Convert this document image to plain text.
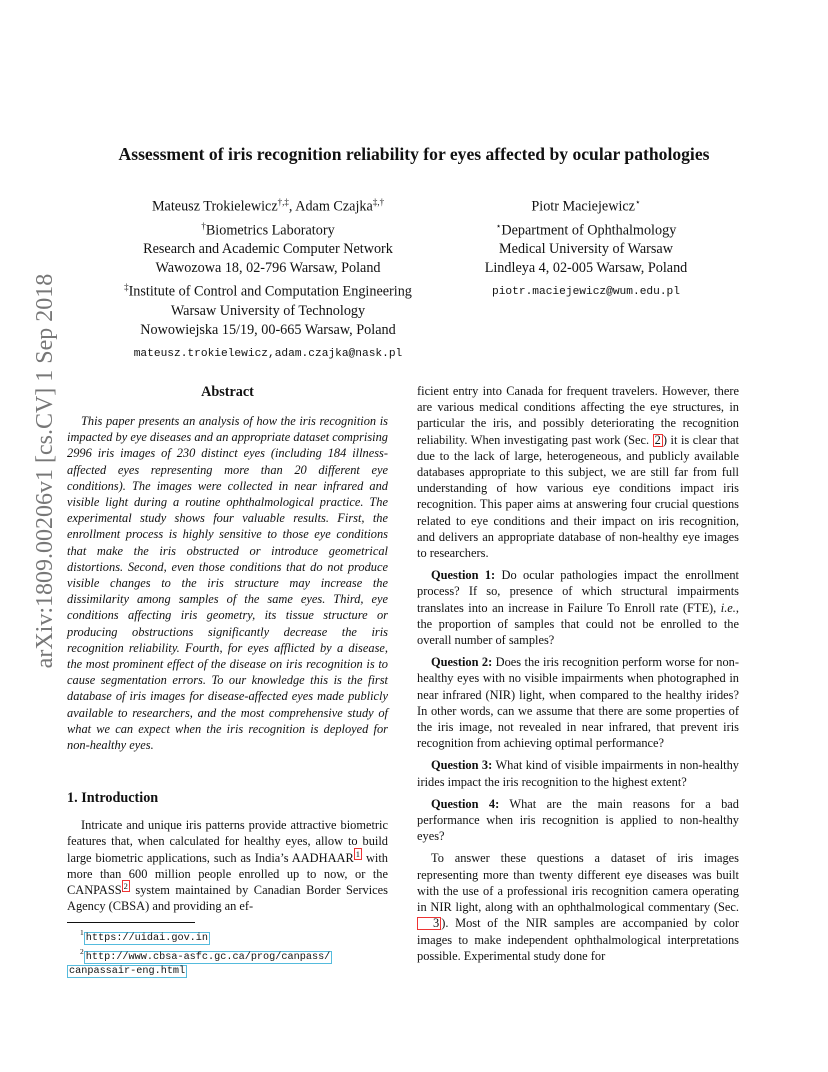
arXiv:1809.00206v1 [cs.CV] 1 Sep 2018
Assessment of iris recognition reliability for eyes affected by ocular pathologies
Mateusz Trokielewicz†,‡, Adam Czajka‡,†
†Biometrics Laboratory
Research and Academic Computer Network
Wawozowa 18, 02-796 Warsaw, Poland
‡Institute of Control and Computation Engineering
Warsaw University of Technology
Nowowiejska 15/19, 00-665 Warsaw, Poland
mateusz.trokielewicz,adam.czajka@nask.pl
Piotr Maciejewicz⋆
⋆Department of Ophthalmology
Medical University of Warsaw
Lindleya 4, 02-005 Warsaw, Poland
piotr.maciejewicz@wum.edu.pl
Abstract

This paper presents an analysis of how the iris recognition is impacted by eye diseases and an appropriate dataset comprising 2996 iris images of 230 distinct eyes (including 184 illness-affected eyes representing more than 20 different eye conditions). The images were collected in near infrared and visible light during a routine ophthalmological practice. The experimental study shows four valuable results. First, the enrollment process is highly sensitive to those eye conditions that make the iris obstructed or introduce geometrical distortions. Second, even those conditions that do not produce visible changes to the iris structure may increase the dissimilarity among samples of the same eyes. Third, eye conditions affecting iris geometry, its tissue structure or producing obstructions significantly decrease the iris recognition reliability. Fourth, for eyes afflicted by a disease, the most prominent effect of the disease on iris recognition is to cause segmentation errors. To our knowledge this is the first database of iris images for disease-affected eyes made publicly available to researchers, and the most comprehensive study of what we can expect when the iris recognition is deployed for non-healthy eyes.

1. Introduction

Intricate and unique iris patterns provide attractive biometric features that, when calculated for healthy eyes, allow to build large biometric applications, such as India’s AADHAAR $^1$ with more than 600 million people enrolled up to now, or the CANPASS $^2$ system maintained by Canadian Border Services Agency (CBSA) and providing an ef-

ficient entry into Canada for frequent travelers. However, there are various medical conditions affecting the eye structures, in particular the iris, and possibly deteriorating the recognition reliability. When investigating past work (Sec. 2 ) it is clear that due to the lack of large, heterogeneous, and publicly available databases appropriate to this subject, we are still far from full understanding of how various eye conditions impact iris recognition. This paper aims at answering four crucial questions related to eye conditions and their impact on iris recognition, and delivers an appropriate database of non-healthy eye images to researchers.

Question 1: Do ocular pathologies impact the enrollment process? If so, presence of which structural impairments translates into an increase in Failure To Enroll rate (FTE), i.e., the proportion of samples that could not be enrolled to the overall number of samples?

Question 2: Does the iris recognition perform worse for non-healthy eyes with no visible impairments when photographed in near infrared (NIR) light, when compared to the healthy irides? In other words, can we assume that there are some properties of the iris image, not revealed in near infrared, that prevent iris recognition from achieving optimal performance?

Question 3: What kind of visible impairments in non-healthy irides impact the iris recognition to the highest extent?

Question 4: What are the main reasons for a bad performance when iris recognition is applied to non-healthy eyes?

To answer these questions a dataset of iris images representing more than twenty different eye diseases was built with the use of a professional iris recognition camera operating in NIR light, along with an ophthalmological commentary (Sec. 3 ). Most of the NIR samples are accompanied by color images to make independent ophthalmological interpretations possible. Experimental study done for

$^1$ https://uidai.gov.in

$^2$ http://www.cbsa-asfc.gc.ca/prog/canpass/

canpassair-eng.html
